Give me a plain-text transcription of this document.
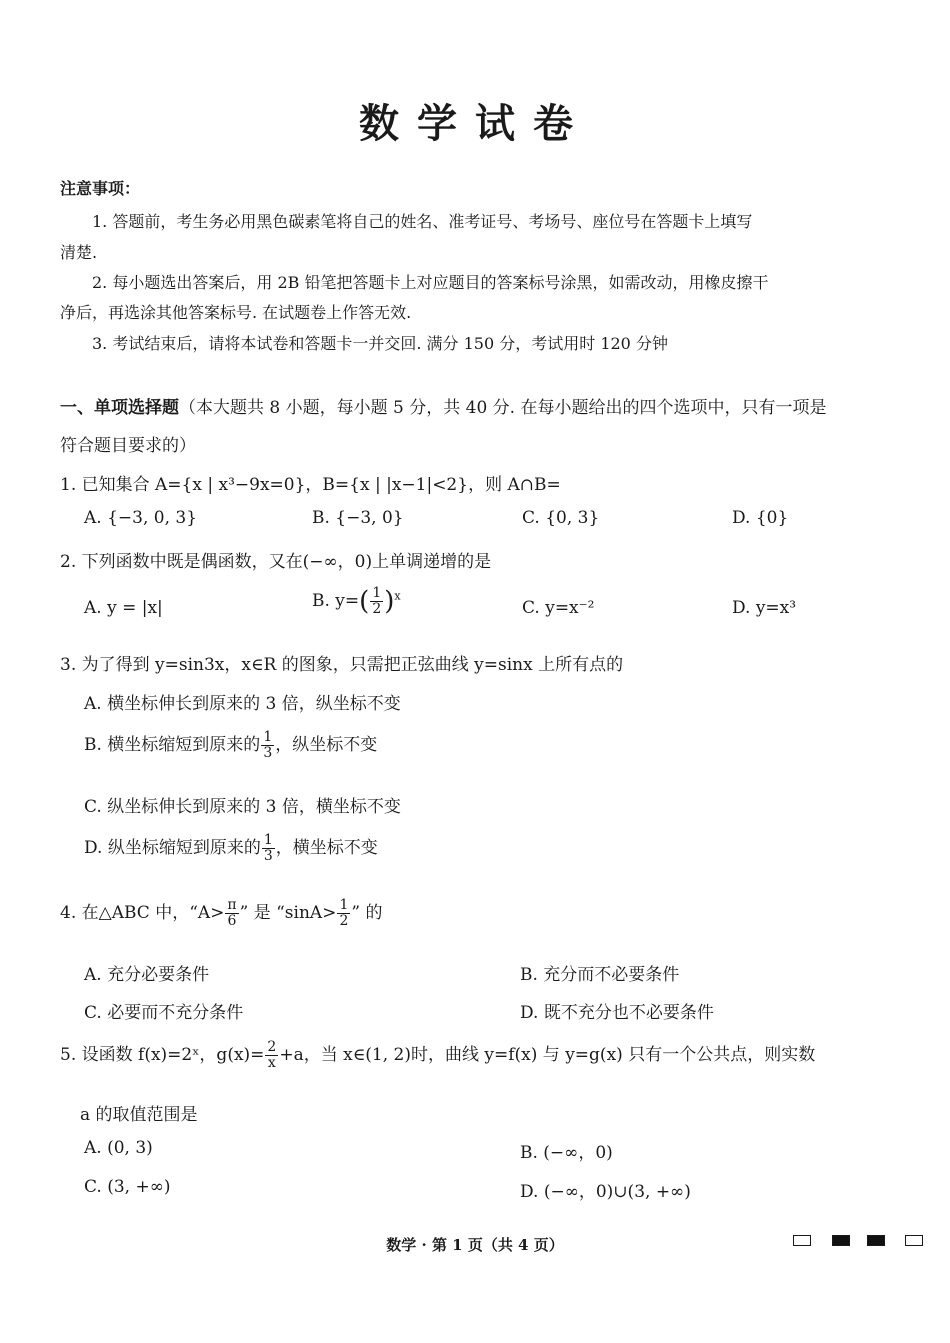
数学试卷
注意事项：
1. 答题前，考生务必用黑色碳素笔将自己的姓名、准考证号、考场号、座位号在答题卡上填写
清楚.
2. 每小题选出答案后，用 2B 铅笔把答题卡上对应题目的答案标号涂黑，如需改动，用橡皮擦干
净后，再选涂其他答案标号. 在试题卷上作答无效.
3. 考试结束后，请将本试卷和答题卡一并交回. 满分 150 分，考试用时 120 分钟
一、单项选择题（本大题共 8 小题，每小题 5 分，共 40 分. 在每小题给出的四个选项中，只有一项是
符合题目要求的）
1. 已知集合 A={x | x³−9x=0}，B={x | |x−1|<2}，则 A∩B=
A. {−3, 0, 3}	B. {−3, 0}	C. {0, 3}	D. {0}
2. 下列函数中既是偶函数，又在(−∞，0)上单调递增的是
A. y = |x|	B. $y=( \frac{1}{2} )^x$
C. y=x⁻²	D. y=x³
3. 为了得到 y=sin3x，x∈R 的图象，只需把正弦曲线 y=sinx 上所有点的
A. 横坐标伸长到原来的 3 倍，纵坐标不变
B. 横坐标缩短到原来的 $\frac{1}{3}$ ，纵坐标不变
C. 纵坐标伸长到原来的 3 倍，横坐标不变
D. 纵坐标缩短到原来的 $\frac{1}{3}$ ，横坐标不变
4. 在△ABC 中，“$A> \frac{\pi}{6}$ ” 是 “$\sin A> \frac{1}{2}$ ” 的
A. 充分必要条件	B. 充分而不必要条件
C. 必要而不充分条件	D. 既不充分也不必要条件
5. 设函数 f(x)=2ˣ，$g(x)= \frac{2}{x} +a$，当 x∈(1, 2)时，曲线 y=f(x) 与 y=g(x) 只有一个公共点，则实数
a 的取值范围是
A. (0, 3)	B. (−∞，0)
C. (3, +∞)	D. (−∞，0)∪(3, +∞)
数学 · 第 1 页（共 4 页）
